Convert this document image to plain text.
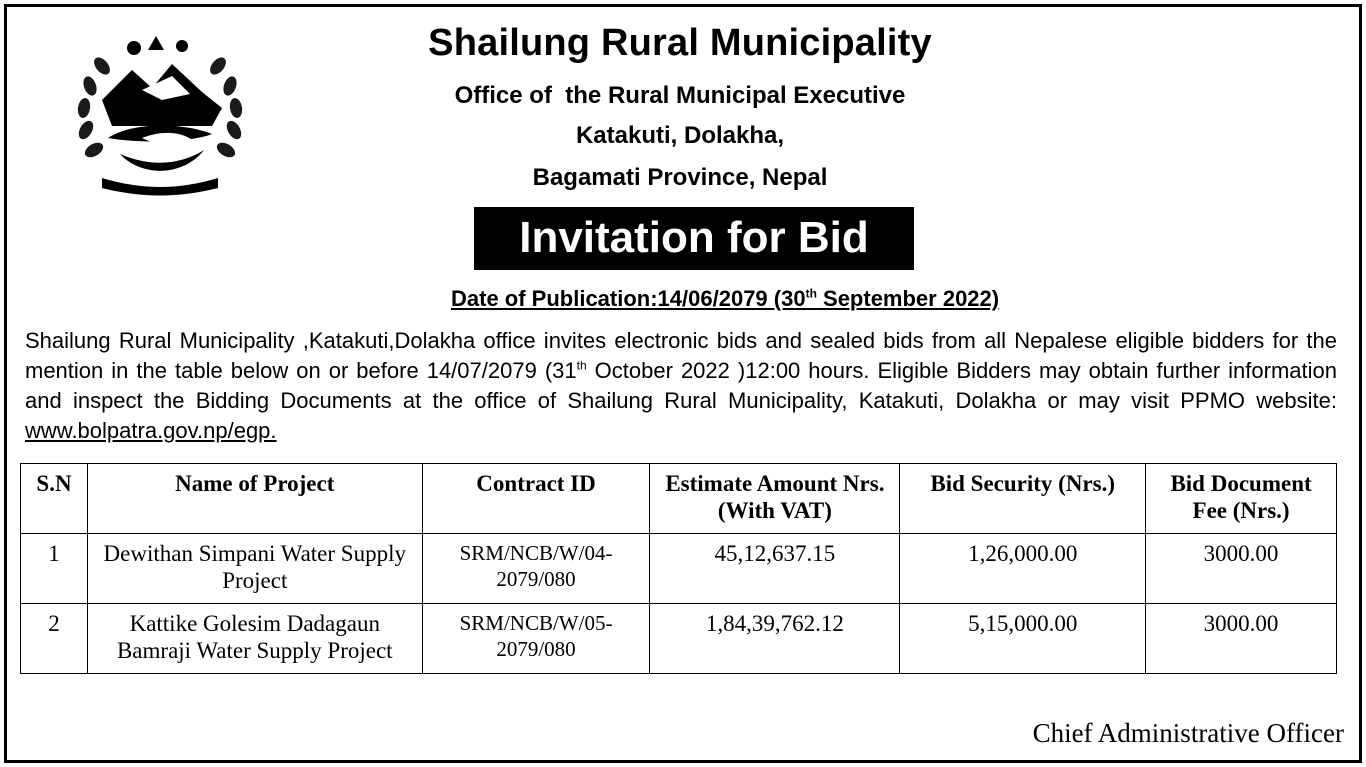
Shailung Rural Municipality
Office of  the Rural Municipal Executive
Katakuti, Dolakha,
Bagamati Province, Nepal
Invitation for Bid
Date of Publication:14/06/2079 (30th September 2022)

Shailung Rural Municipality ,Katakuti,Dolakha office invites electronic bids and sealed bids from all Nepalese eligible bidders for the mention in the table below on or before 14/07/2079 (31th October 2022 )12:00 hours. Eligible Bidders may obtain further information and inspect the Bidding Documents at the office of Shailung Rural Municipality, Katakuti, Dolakha or may visit PPMO website: www.bolpatra.gov.np/egp.

S.N	Name of Project	Contract ID	Estimate Amount Nrs. (With VAT)	Bid Security (Nrs.)	Bid Document Fee (Nrs.)
1	Dewithan Simpani Water Supply Project	SRM/NCB/W/04-2079/080	45,12,637.15	1,26,000.00	3000.00
2	Kattike Golesim Dadagaun Bamraji Water Supply Project	SRM/NCB/W/05-2079/080	1,84,39,762.12	5,15,000.00	3000.00
Chief Administrative Officer
